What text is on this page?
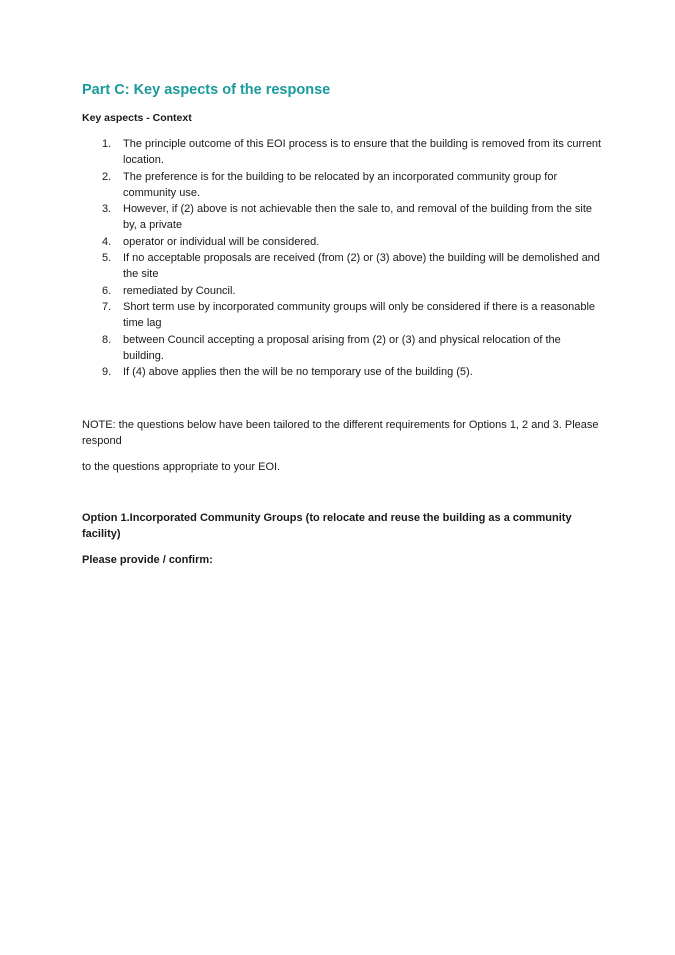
Part C: Key aspects of the response

Key aspects - Context

1.	The principle outcome of this EOI process is to ensure that the building is removed from its current location.
2.	The preference is for the building to be relocated by an incorporated community group for community use.
3.	However, if (2) above is not achievable then the sale to, and removal of the building from the site by, a private
4.	operator or individual will be considered.
5.	If no acceptable proposals are received (from (2) or (3) above) the building will be demolished and the site
6.	remediated by Council.
7.	Short term use by incorporated community groups will only be considered if there is a reasonable time lag
8.	between Council accepting a proposal arising from (2) or (3) and physical relocation of the building.
9.	If (4) above applies then the will be no temporary use of the building (5).

NOTE: the questions below have been tailored to the different requirements for Options 1, 2 and 3. Please respond

to the questions appropriate to your EOI.

Option 1.Incorporated Community Groups (to relocate and reuse the building as a community facility)

Please provide / confirm:
